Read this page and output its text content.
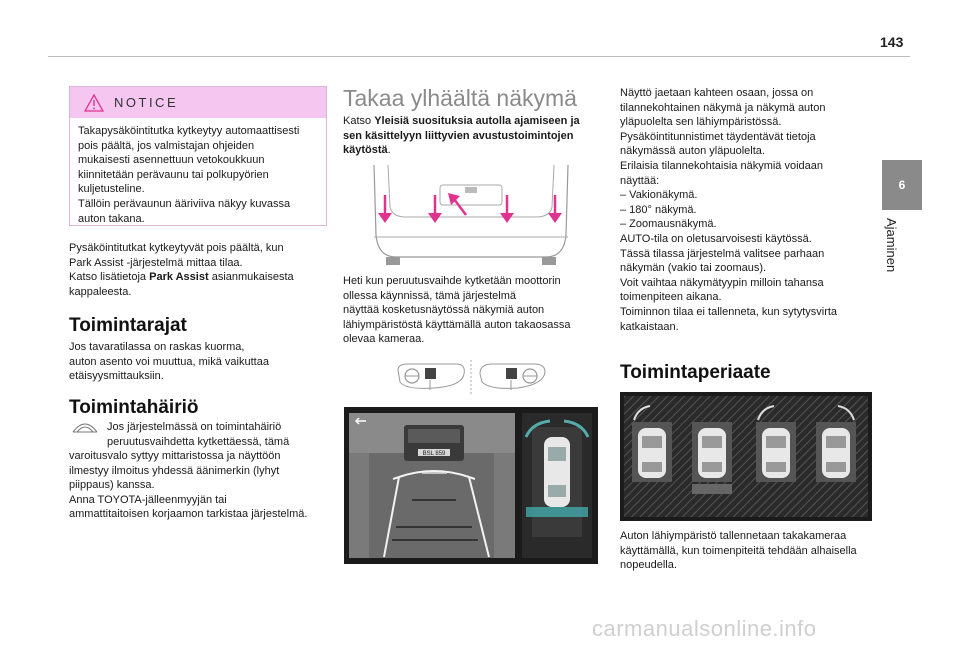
143
6
Ajaminen
NOTICE
Takapysäköintitutka kytkeytyy automaattisesti
pois päältä, jos valmistajan ohjeiden
mukaisesti asennettuun vetokoukkuun
kiinnitetään perävaunu tai polkupyörien
kuljetusteline.
Tällöin perävaunun ääriviiva näkyy kuvassa
auton takana.
Pysäköintitutkat kytkeytyvät pois päältä, kun
Park Assist -järjestelmä mittaa tilaa.
Katso lisätietoja Park Assist asianmukaisesta
kappaleesta.
Toimintarajat
Jos tavaratilassa on raskas kuorma,
auton asento voi muuttua, mikä vaikuttaa
etäisyysmittauksiin.
Toimintahäiriö
Jos järjestelmässä on toimintahäiriö
peruutusvaihdetta kytkettäessä, tämä
varoitusvalo syttyy mittaristossa ja näyttöön
ilmestyy ilmoitus yhdessä äänimerkin (lyhyt
piippaus) kanssa.
Anna TOYOTA-jälleenmyyjän tai
ammattitaitoisen korjaamon tarkistaa järjestelmä.
Takaa ylhäältä näkymä
Katso Yleisiä suosituksia autolla ajamiseen ja
sen käsittelyyn liittyvien avustustoimintojen
käytöstä.
Heti kun peruutusvaihde kytketään moottorin
ollessa käynnissä, tämä järjestelmä
näyttää kosketusnäytössä näkymiä auton
lähiympäristöstä käyttämällä auton takaosassa
olevaa kameraa.
BSL 859
Näyttö jaetaan kahteen osaan, jossa on
tilannekohtainen näkymä ja näkymä auton
yläpuolelta sen lähiympäristössä.
Pysäköintitunnistimet täydentävät tietoja
näkymässä auton yläpuolelta.
Erilaisia tilannekohtaisia näkymiä voidaan
näyttää:
– Vakionäkymä.
– 180° näkymä.
– Zoomausnäkymä.
AUTO-tila on oletusarvoisesti käytössä.
Tässä tilassa järjestelmä valitsee parhaan
näkymän (vakio tai zoomaus).
Voit vaihtaa näkymätyypin milloin tahansa
toimenpiteen aikana.
Toiminnon tilaa ei tallenneta, kun sytytysvirta
katkaistaan.
Toimintaperiaate
Auton lähiympäristö tallennetaan takakameraa
käyttämällä, kun toimenpiteitä tehdään alhaisella
nopeudella.
carmanualsonline.info
